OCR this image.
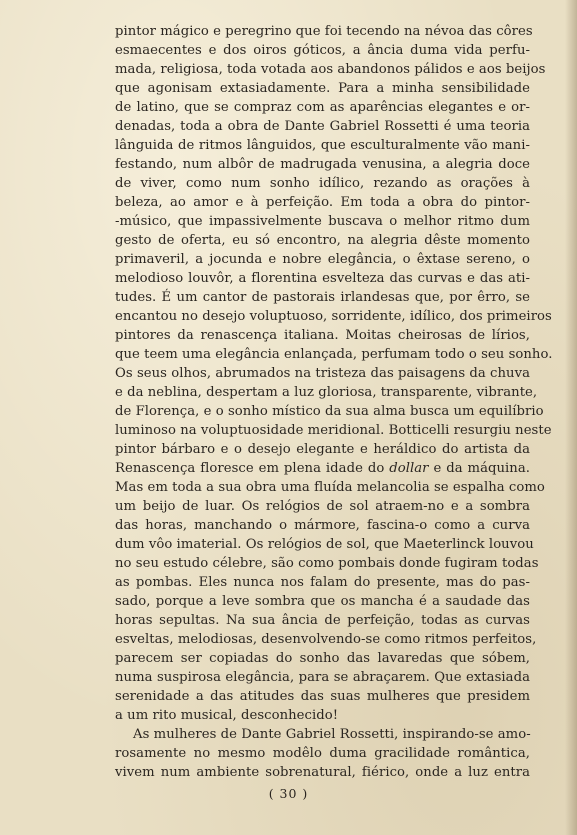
pintor mágico e peregrino que foi tecendo na névoa das côres
esmaecentes e dos oiros góticos, a ância duma vida perfu-
mada, religiosa, toda votada aos abandonos pálidos e aos beijos
que agonisam extasiadamente. Para a minha sensibilidade
de latino, que se compraz com as aparências elegantes e or-
denadas, toda a obra de Dante Gabriel Rossetti é uma teoria
lânguida de ritmos lânguidos, que esculturalmente vão mani-
festando, num albôr de madrugada venusina, a alegria doce
de viver, como num sonho idílico, rezando as orações à
beleza, ao amor e à perfeição. Em toda a obra do pintor-
-músico, que impassivelmente buscava o melhor ritmo dum
gesto de oferta, eu só encontro, na alegria dêste momento
primaveril, a jocunda e nobre elegância, o êxtase sereno, o
melodioso louvôr, a florentina esvelteza das curvas e das ati-
tudes. É um cantor de pastorais irlandesas que, por êrro, se
encantou no desejo voluptuoso, sorridente, idílico, dos primeiros
pintores da renascença italiana. Moitas cheirosas de lírios,
que teem uma elegância enlançada, perfumam todo o seu sonho.
Os seus olhos, abrumados na tristeza das paisagens da chuva
e da neblina, despertam a luz gloriosa, transparente, vibrante,
de Florença, e o sonho místico da sua alma busca um equilíbrio
luminoso na voluptuosidade meridional. Botticelli resurgiu neste
pintor bárbaro e o desejo elegante e heráldico do artista da
Renascença floresce em plena idade do dollar e da máquina.
Mas em toda a sua obra uma fluída melancolia se espalha como
um beijo de luar. Os relógios de sol atraem-no e a sombra
das horas, manchando o mármore, fascina-o como a curva
dum vôo imaterial. Os relógios de sol, que Maeterlinck louvou
no seu estudo célebre, são como pombais donde fugiram todas
as pombas. Eles nunca nos falam do presente, mas do pas-
sado, porque a leve sombra que os mancha é a saudade das
horas sepultas. Na sua ância de perfeição, todas as curvas
esveltas, melodiosas, desenvolvendo-se como ritmos perfeitos,
parecem ser copiadas do sonho das lavaredas que sóbem,
numa suspirosa elegância, para se abraçarem. Que extasiada
serenidade a das atitudes das suas mulheres que presidem
a um rito musical, desconhecido!
As mulheres de Dante Gabriel Rossetti, inspirando-se amo-
rosamente no mesmo modêlo duma gracilidade romântica,
vivem num ambiente sobrenatural, fiérico, onde a luz entra
( 30 )
